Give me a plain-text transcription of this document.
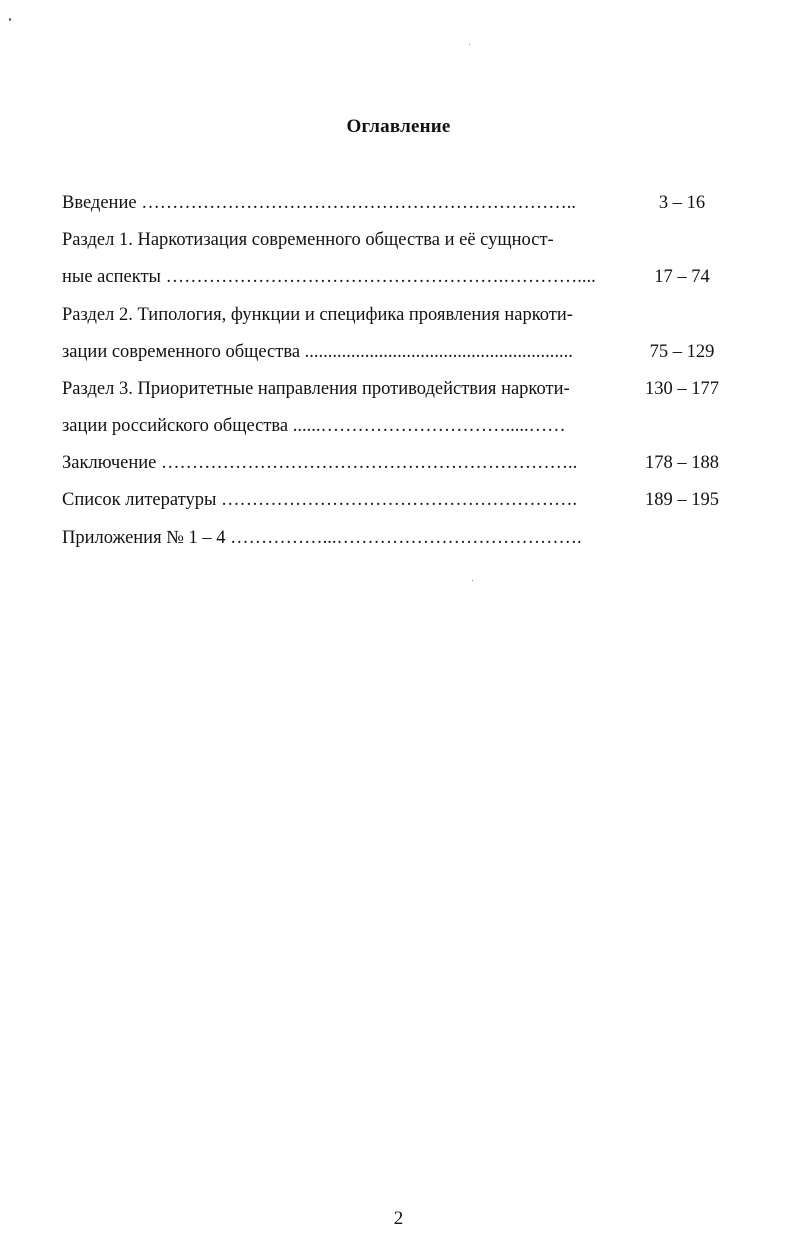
Оглавление
Введение ……………………………………………………………..	3 – 16
Раздел 1. Наркотизация современного общества и её сущност-
ные аспекты ……………………………………………….…………....	17 – 74
Раздел 2. Типология, функции и специфика проявления наркоти-
зации современного общества ..........................................................	75 – 129
Раздел 3. Приоритетные направления противодействия наркоти-	130 – 177
зации российского общества ......………………………….....……
Заключение …………………………………………………………..	178 – 188
Список литературы ………………………………………………….	189 – 195
Приложения № 1 – 4 ……………...………………………………….
2
